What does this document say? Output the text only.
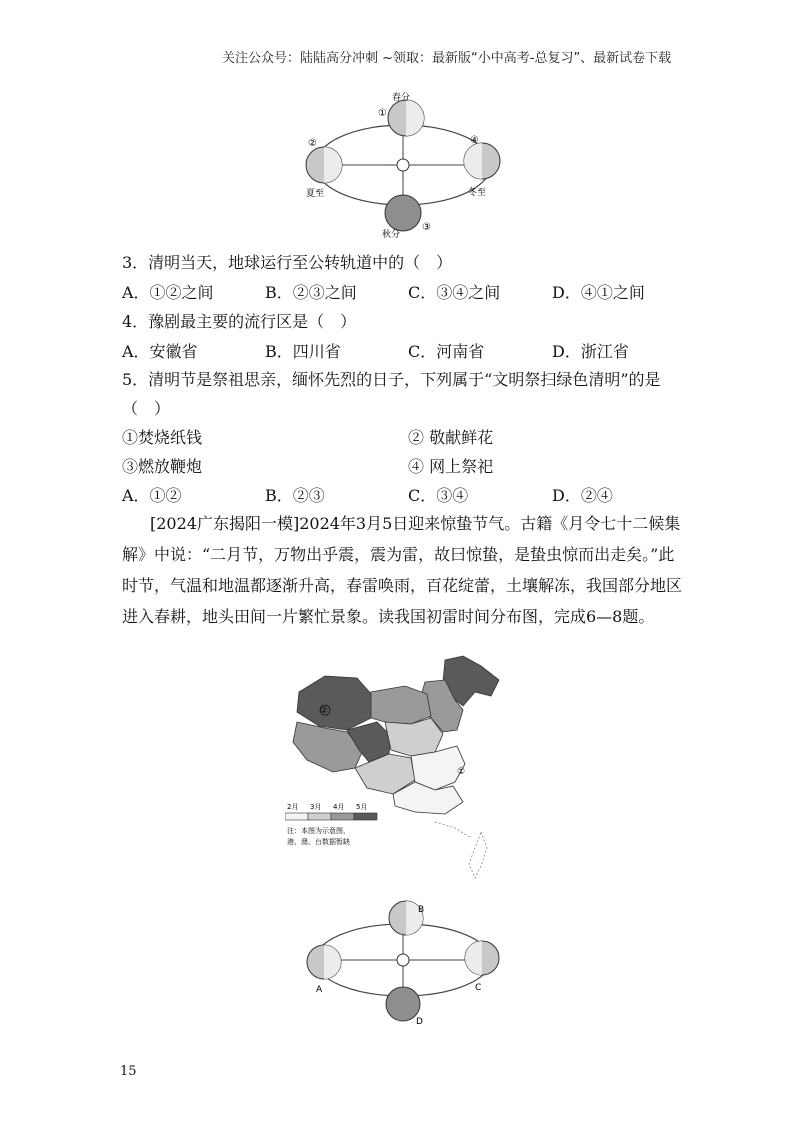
关注公众号：陆陆高分冲刺 ~领取：最新版“小中高考-总复习”、最新试卷下载
春分
①
②	④
夏至	冬至
秋分
③
3．清明当天，地球运行至公转轨道中的（　）
A．①②之间	B．②③之间	C．③④之间	D．④①之间
4．豫剧最主要的流行区是（　）
A．安徽省	B．四川省	C．河南省	D．浙江省
5．清明节是祭祖思亲，缅怀先烈的日子，下列属于“文明祭扫绿色清明”的是
（　）
①焚烧纸钱	② 敬献鲜花
③燃放鞭炮	④ 网上祭祀
A．①②	B．②③	C．③④	D．②④
[2024广东揭阳一模]2024年3月5日迎来惊蛰节气。古籍《月令七十二候集解》中说：“二月节，万物出乎震，震为雷，故曰惊蛰，是蛰虫惊而出走矣。”此时节，气温和地温都逐渐升高，春雷唤雨，百花绽蕾，土壤解冻，我国部分地区进入春耕，地头田间一片繁忙景象。读我国初雷时间分布图，完成6—8题。
②
①
2月 3月 4月 5月
注：本图为示意图，
港、澳、台数据暂缺
A
B
C
D
15
